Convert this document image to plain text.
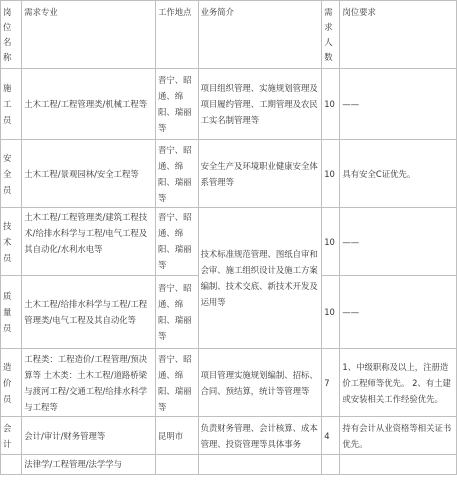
岗位名称	需求专业	工作地点	业务简介	需求人数	岗位要求
施工员	土木工程/工程管理类/机械工程等	晋宁、昭通、绵阳、瑞丽等	项目组织管理、实施规划管理及项目履约管理、工期管理及农民工实名制管理等	10	——
安全员	土木工程/景观园林/安全工程等	晋宁、昭通、绵阳、瑞丽等	安全生产及环境职业健康安全体系管理等	10	具有安全C证优先。
技术员	土木工程/工程管理类/建筑工程技术/给排水科学与工程/电气工程及其自动化/水利水电等	晋宁、昭通、绵阳、瑞丽等	技术标准规范管理、图纸自审和会审、施工组织设计及施工方案编制、技术交底、新技术开发及 运用等	10	——
质量员	土木工程/给排水科学与工程/工程管理类/电气工程及其自动化等	晋宁、昭通、绵阳、瑞丽等		10	——
造价员	工程类：工程造价/工程管理/预决算等 土木类：土木工程/道路桥梁与渡河工程/交通工程/给排水科学与工程等	晋宁、昭通、绵阳、瑞丽等	项目管理实施规划编制、招标、合同、预结算，统计等管理等	7	1、中级职称及以上，注册造价工程师等优先。 2、有土建或安装相关工作经验优先。
会计	会计/审计/财务管理等	昆明市	负责财务管理、会计核算、成本管理、投资管理等具体事务	4	持有会计从业资格等相关证书优先。
	法律学/工程管理/法学学与				
